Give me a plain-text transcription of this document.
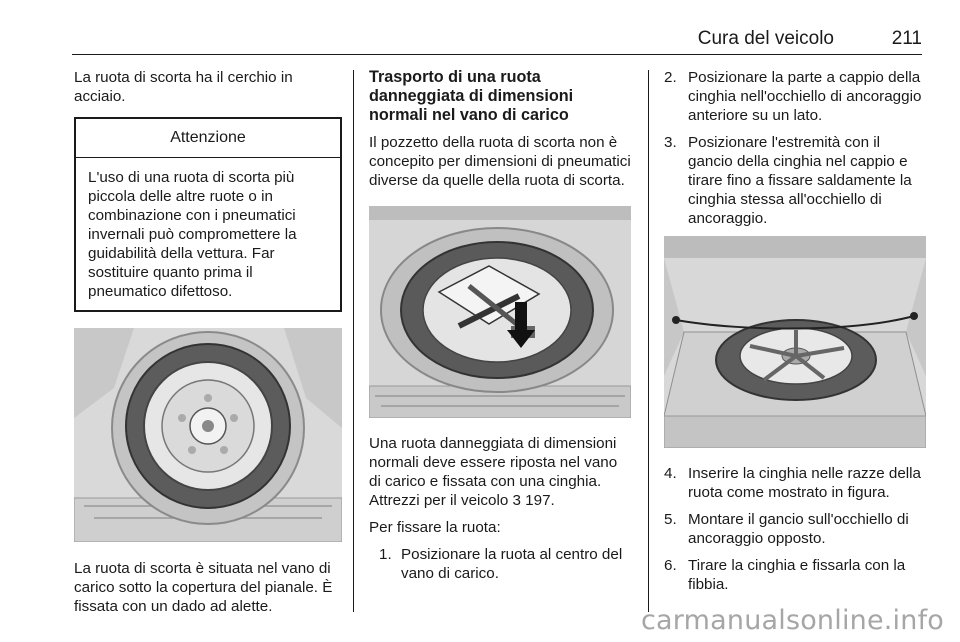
Cura del veicolo	211

La ruota di scorta ha il cerchio in acciaio.

Attenzione
L'uso di una ruota di scorta più piccola delle altre ruote o in combinazione con i pneumatici invernali può compromettere la guidabilità della vettura. Far sostituire quanto prima il pneumatico difettoso.

La ruota di scorta è situata nel vano di carico sotto la copertura del pianale. È fissata con un dado ad alette.

Trasporto di una ruota danneggiata di dimensioni normali nel vano di carico

Il pozzetto della ruota di scorta non è concepito per dimensioni di pneumatici diverse da quelle della ruota di scorta.

Una ruota danneggiata di dimensioni normali deve essere riposta nel vano di carico e fissata con una cinghia. Attrezzi per il veicolo 3 197.

Per fissare la ruota:

1. Posizionare la ruota al centro del vano di carico.
2. Posizionare la parte a cappio della cinghia nell'occhiello di ancoraggio anteriore su un lato.
3. Posizionare l'estremità con il gancio della cinghia nel cappio e tirare fino a fissare saldamente la cinghia stessa all'occhiello di ancoraggio.
4. Inserire la cinghia nelle razze della ruota come mostrato in figura.
5. Montare il gancio sull'occhiello di ancoraggio opposto.
6. Tirare la cinghia e fissarla con la fibbia.
carmanualsonline.info
